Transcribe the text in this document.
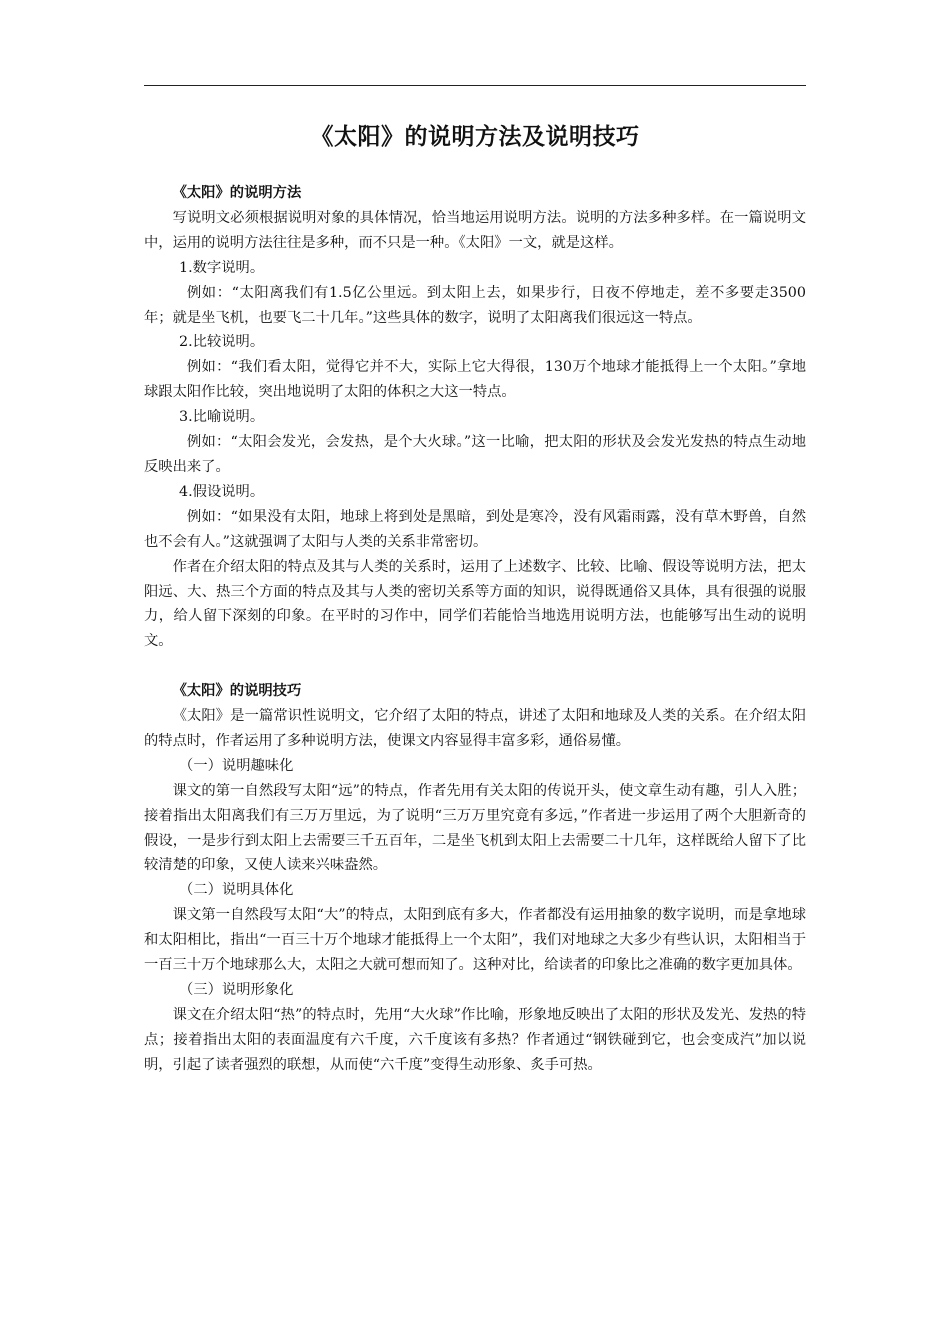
《太阳》的说明方法及说明技巧

《太阳》的说明方法

写说明文必须根据说明对象的具体情况，恰当地运用说明方法。说明的方法多种多样。在一篇说明文中，运用的说明方法往往是多种，而不只是一种。《太阳》一文，就是这样。

1.数字说明。

例如：“太阳离我们有1.5亿公里远。到太阳上去，如果步行，日夜不停地走，差不多要走3500年；就是坐飞机，也要飞二十几年。”这些具体的数字，说明了太阳离我们很远这一特点。

2.比较说明。

例如：“我们看太阳，觉得它并不大，实际上它大得很，130万个地球才能抵得上一个太阳。”拿地球跟太阳作比较，突出地说明了太阳的体积之大这一特点。

3.比喻说明。

例如：“太阳会发光，会发热，是个大火球。”这一比喻，把太阳的形状及会发光发热的特点生动地反映出来了。

4.假设说明。

例如：“如果没有太阳，地球上将到处是黑暗，到处是寒冷，没有风霜雨露，没有草木野兽，自然也不会有人。”这就强调了太阳与人类的关系非常密切。

作者在介绍太阳的特点及其与人类的关系时，运用了上述数字、比较、比喻、假设等说明方法，把太阳远、大、热三个方面的特点及其与人类的密切关系等方面的知识，说得既通俗又具体，具有很强的说服力，给人留下深刻的印象。在平时的习作中，同学们若能恰当地选用说明方法，也能够写出生动的说明文。

《太阳》的说明技巧

《太阳》是一篇常识性说明文，它介绍了太阳的特点，讲述了太阳和地球及人类的关系。在介绍太阳的特点时，作者运用了多种说明方法，使课文内容显得丰富多彩，通俗易懂。

（一）说明趣味化

课文的第一自然段写太阳“远”的特点，作者先用有关太阳的传说开头，使文章生动有趣，引人入胜；接着指出太阳离我们有三万万里远，为了说明“三万万里究竟有多远，”作者进一步运用了两个大胆新奇的假设，一是步行到太阳上去需要三千五百年，二是坐飞机到太阳上去需要二十几年，这样既给人留下了比较清楚的印象，又使人读来兴味盎然。

（二）说明具体化

课文第一自然段写太阳“大”的特点，太阳到底有多大，作者都没有运用抽象的数字说明，而是拿地球和太阳相比，指出“一百三十万个地球才能抵得上一个太阳”，我们对地球之大多少有些认识，太阳相当于一百三十万个地球那么大，太阳之大就可想而知了。这种对比，给读者的印象比之准确的数字更加具体。

（三）说明形象化

课文在介绍太阳“热”的特点时，先用“大火球”作比喻，形象地反映出了太阳的形状及发光、发热的特点；接着指出太阳的表面温度有六千度，六千度该有多热？作者通过“钢铁碰到它，也会变成汽”加以说明，引起了读者强烈的联想，从而使“六千度”变得生动形象、炙手可热。
